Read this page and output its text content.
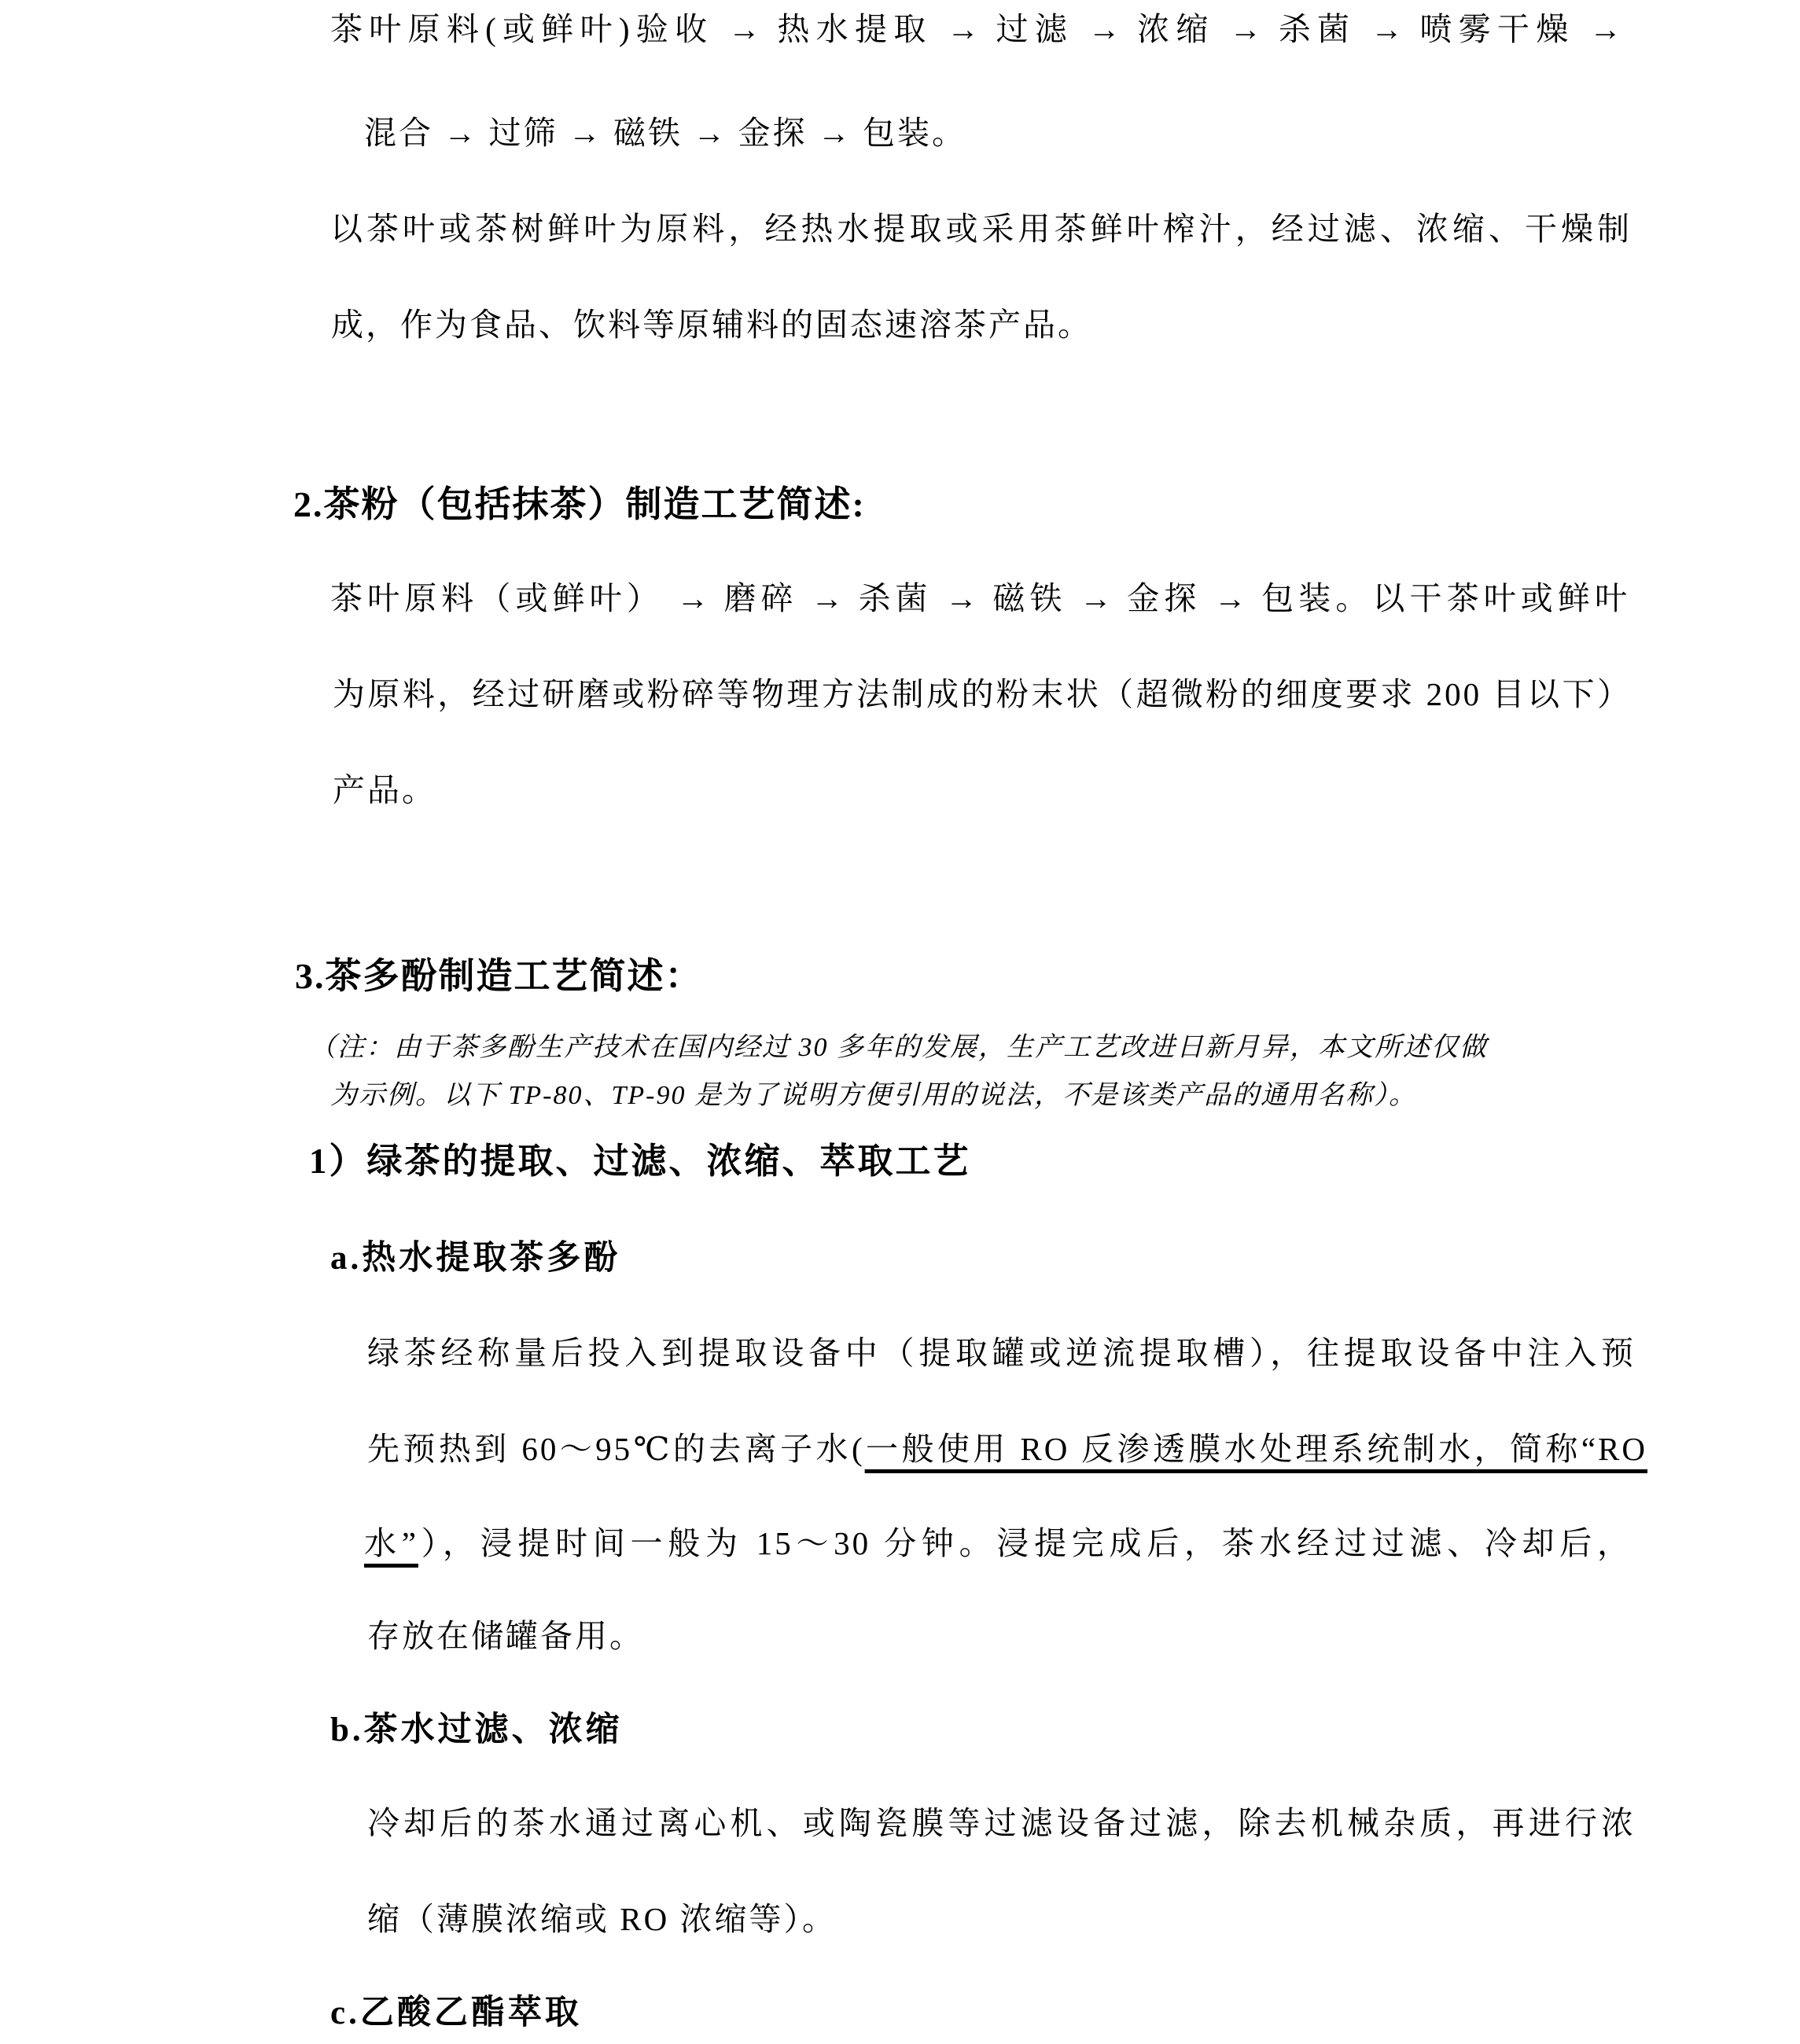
茶叶原料(或鲜叶)验收 → 热水提取 → 过滤 → 浓缩 → 杀菌 → 喷雾干燥 →
混合 → 过筛 → 磁铁 → 金探 → 包装。
以茶叶或茶树鲜叶为原料，经热水提取或采用茶鲜叶榨汁，经过滤、浓缩、干燥制
成，作为食品、饮料等原辅料的固态速溶茶产品。
2.茶粉（包括抹茶）制造工艺简述:
茶叶原料（或鲜叶） → 磨碎 → 杀菌 → 磁铁 → 金探 → 包装。以干茶叶或鲜叶
为原料，经过研磨或粉碎等物理方法制成的粉末状（超微粉的细度要求 200 目以下）
产品。
3.茶多酚制造工艺简述：
（注：由于茶多酚生产技术在国内经过 30 多年的发展，生产工艺改进日新月异，本文所述仅做
为示例。以下 TP-80、TP-90 是为了说明方便引用的说法，不是该类产品的通用名称）。
1）绿茶的提取、过滤、浓缩、萃取工艺
a.热水提取茶多酚
绿茶经称量后投入到提取设备中（提取罐或逆流提取槽），往提取设备中注入预
先预热到 60～95℃的去离子水(一般使用 RO 反渗透膜水处理系统制水，简称“RO
水”），浸提时间一般为 15～30 分钟。浸提完成后，茶水经过过滤、冷却后，
存放在储罐备用。
b.茶水过滤、浓缩
冷却后的茶水通过离心机、或陶瓷膜等过滤设备过滤，除去机械杂质，再进行浓
缩（薄膜浓缩或 RO 浓缩等）。
c.乙酸乙酯萃取
